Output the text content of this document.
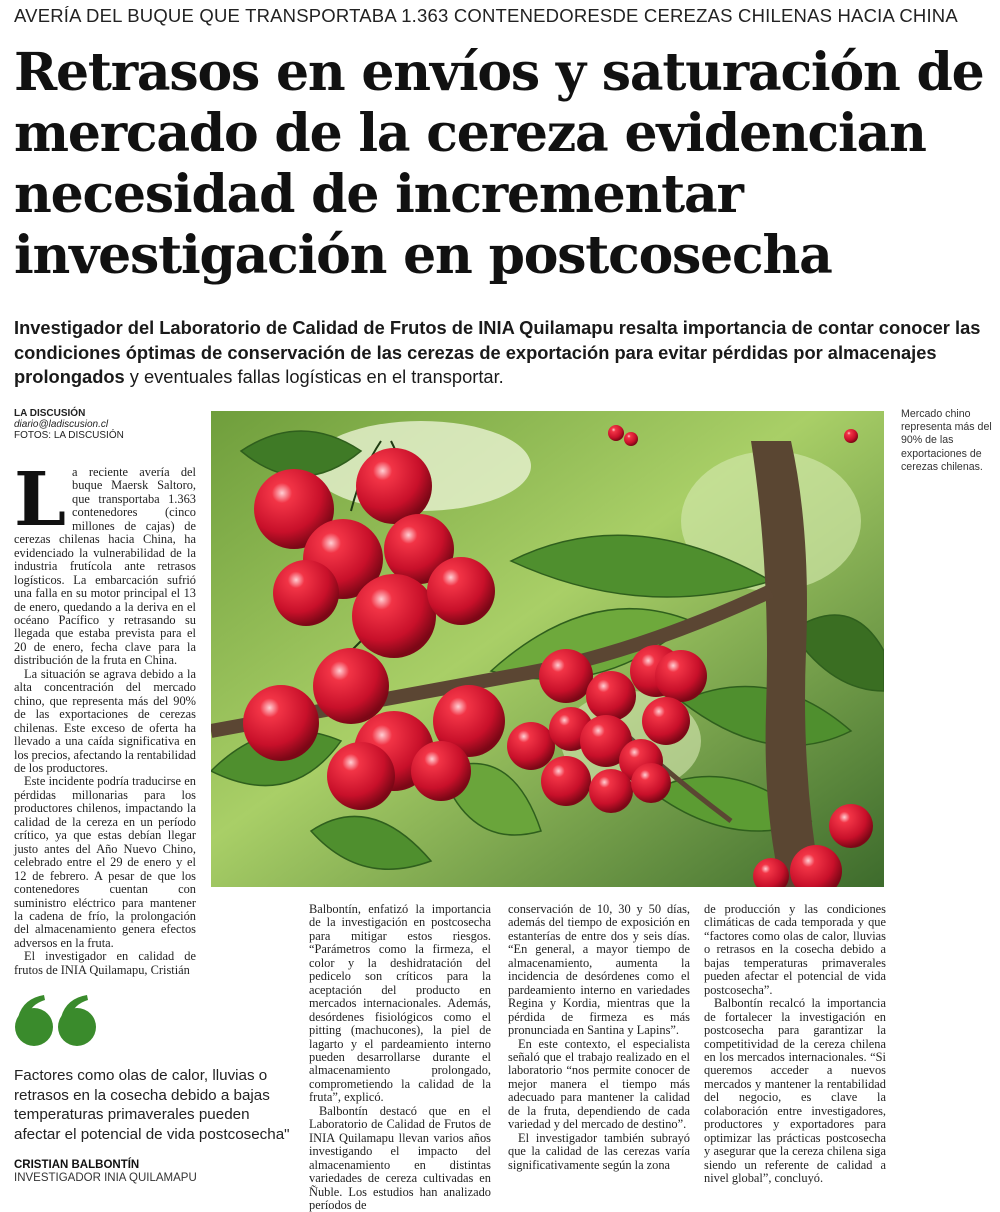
AVERÍA DEL BUQUE QUE TRANSPORTABA 1.363 CONTENEDORESDE CEREZAS CHILENAS HACIA CHINA
Retrasos en envíos y saturación de
mercado de la cereza evidencian
necesidad de incrementar
investigación en postcosecha

Investigador del Laboratorio de Calidad de Frutos de INIA Quilamapu resalta importancia de contar conocer las condiciones óptimas de conservación de las cerezas de exportación para evitar pérdidas por almacenajes prolongados y eventuales fallas logísticas en el transportar.

LA DISCUSIÓN
diario@ladiscusion.cl
FOTOS: LA DISCUSIÓN
L a reciente avería del buque Maersk Saltoro, que transportaba 1.363 contenedores (cinco millones de cajas) de cerezas chilenas hacia China, ha evidenciado la vulnerabilidad de la industria frutícola ante retrasos logísticos. La embarcación sufrió una falla en su motor principal el 13 de enero, quedando a la deriva en el océano Pacífico y retrasando su llegada que estaba prevista para el 20 de enero, fecha clave para la distribución de la fruta en China.

La situación se agrava debido a la alta concentración del mercado chino, que representa más del 90% de las exportaciones de cerezas chilenas. Este exceso de oferta ha llevado a una caída significativa en los precios, afectando la rentabilidad de los productores.

Este incidente podría traducirse en pérdidas millonarias para los productores chilenos, impactando la calidad de la cereza en un período crítico, ya que estas debían llegar justo antes del Año Nuevo Chino, celebrado entre el 29 de enero y el 12 de febrero. A pesar de que los contenedores cuentan con suministro eléctrico para mantener la cadena de frío, la prolongación del almacenamiento genera efectos adversos en la fruta.

El investigador en calidad de frutos de INIA Quilamapu, Cristián

Mercado chino representa más del 90% de las exportaciones de cerezas chilenas.

Balbontín, enfatizó la importancia de la investigación en postcosecha para mitigar estos riesgos. “Parámetros como la firmeza, el color y la deshidratación del pedicelo son críticos para la aceptación del producto en mercados internacionales. Además, desórdenes fisiológicos como el pitting (machucones), la piel de lagarto y el pardeamiento interno pueden desarrollarse durante el almacenamiento prolongado, comprometiendo la calidad de la fruta”, explicó.

Balbontín destacó que en el Laboratorio de Calidad de Frutos de INIA Quilamapu llevan varios años investigando el impacto del almacenamiento en distintas variedades de cereza cultivadas en Ñuble. Los estudios han analizado períodos de

conservación de 10, 30 y 50 días, además del tiempo de exposición en estanterías de entre dos y seis días. “En general, a mayor tiempo de almacenamiento, aumenta la incidencia de desórdenes como el pardeamiento interno en variedades Regina y Kordia, mientras que la pérdida de firmeza es más pronunciada en Santina y Lapins”.

En este contexto, el especialista señaló que el trabajo realizado en el laboratorio “nos permite conocer de mejor manera el tiempo más adecuado para mantener la calidad de la fruta, dependiendo de cada variedad y del mercado de destino”.

El investigador también subrayó que la calidad de las cerezas varía significativamente según la zona

de producción y las condiciones climáticas de cada temporada y que “factores como olas de calor, lluvias o retrasos en la cosecha debido a bajas temperaturas primaverales pueden afectar el potencial de vida postcosecha”.

Balbontín recalcó la importancia de fortalecer la investigación en postcosecha para garantizar la competitividad de la cereza chilena en los mercados internacionales. “Si queremos acceder a nuevos mercados y mantener la rentabilidad del negocio, es clave la colaboración entre investigadores, productores y exportadores para optimizar las prácticas postcosecha y asegurar que la cereza chilena siga siendo un referente de calidad a nivel global”, concluyó.

Factores como olas de calor, lluvias o retrasos en la cosecha debido a bajas temperaturas primaverales pueden afectar el potencial de vida postcosecha"

CRISTIAN BALBONTÍN
INVESTIGADOR INIA QUILAMAPU
